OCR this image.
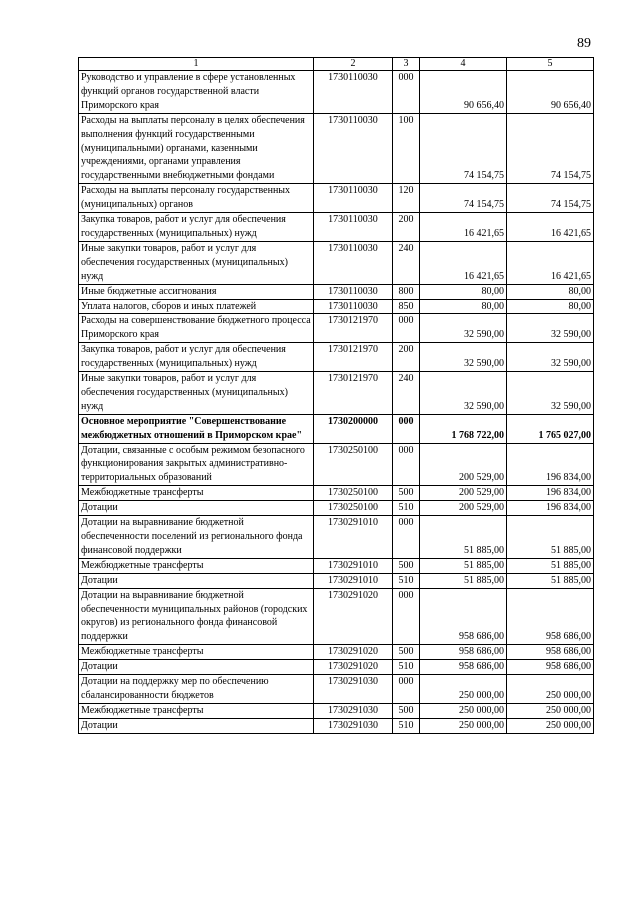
89
1	2	3	4	5
Руководство и управление в сфере установленных функций органов государственной власти Приморского края	1730110030	000	90 656,40	90 656,40
Расходы на выплаты персоналу в целях обеспечения выполнения функций государственными (муниципальными) органами, казенными учреждениями, органами управления государственными внебюджетными фондами	1730110030	100	74 154,75	74 154,75
Расходы на выплаты персоналу государственных (муниципальных) органов	1730110030	120	74 154,75	74 154,75
Закупка товаров, работ и услуг для обеспечения государственных (муниципальных) нужд	1730110030	200	16 421,65	16 421,65
Иные закупки товаров, работ и услуг для обеспечения государственных (муниципальных) нужд	1730110030	240	16 421,65	16 421,65
Иные бюджетные ассигнования	1730110030	800	80,00	80,00
Уплата налогов, сборов и иных платежей	1730110030	850	80,00	80,00
Расходы на совершенствование бюджетного процесса Приморского края	1730121970	000	32 590,00	32 590,00
Закупка товаров, работ и услуг для обеспечения государственных (муниципальных) нужд	1730121970	200	32 590,00	32 590,00
Иные закупки товаров, работ и услуг для обеспечения государственных (муниципальных) нужд	1730121970	240	32 590,00	32 590,00
Основное мероприятие "Совершенствование межбюджетных отношений в Приморском крае"	1730200000	000	1 768 722,00	1 765 027,00
Дотации, связанные с особым режимом безопасного функционирования закрытых административно-территориальных образований	1730250100	000	200 529,00	196 834,00
Межбюджетные трансферты	1730250100	500	200 529,00	196 834,00
Дотации	1730250100	510	200 529,00	196 834,00
Дотации на выравнивание бюджетной обеспеченности поселений из регионального фонда финансовой поддержки	1730291010	000	51 885,00	51 885,00
Межбюджетные трансферты	1730291010	500	51 885,00	51 885,00
Дотации	1730291010	510	51 885,00	51 885,00
Дотации на выравнивание бюджетной обеспеченности муниципальных районов (городских округов) из регионального фонда финансовой поддержки	1730291020	000	958 686,00	958 686,00
Межбюджетные трансферты	1730291020	500	958 686,00	958 686,00
Дотации	1730291020	510	958 686,00	958 686,00
Дотации на поддержку мер по обеспечению сбалансированности бюджетов	1730291030	000	250 000,00	250 000,00
Межбюджетные трансферты	1730291030	500	250 000,00	250 000,00
Дотации	1730291030	510	250 000,00	250 000,00
